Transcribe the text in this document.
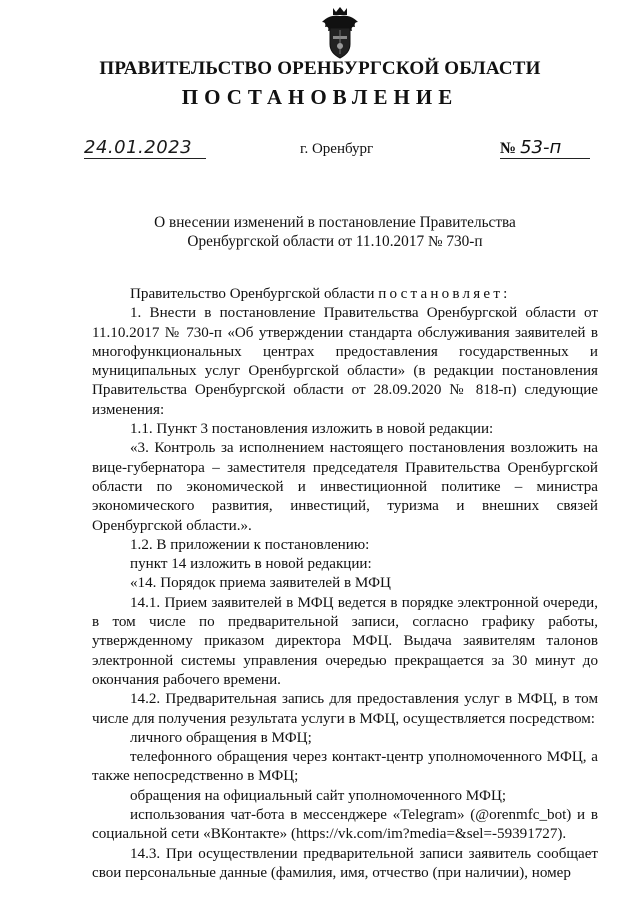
ПРАВИТЕЛЬСТВО ОРЕНБУРГСКОЙ ОБЛАСТИ
ПОСТАНОВЛЕНИЕ
24.01.2023	г. Оренбург	№ 53-п
О внесении изменений в постановление Правительства
Оренбургской области от 11.10.2017 № 730-п

Правительство Оренбургской области постановляет:

1. Внести в постановление Правительства Оренбургской области от 11.10.2017 № 730-п «Об утверждении стандарта обслуживания заявителей в многофункциональных центрах предоставления государственных и муниципальных услуг Оренбургской области» (в редакции постановления Правительства Оренбургской области от 28.09.2020 № 818-п) следующие изменения:

1.1. Пункт 3 постановления изложить в новой редакции:

«3. Контроль за исполнением настоящего постановления возложить на вице-губернатора – заместителя председателя Правительства Оренбургской области по экономической и инвестиционной политике – министра экономического развития, инвестиций, туризма и внешних связей Оренбургской области.».

1.2. В приложении к постановлению:

пункт 14 изложить в новой редакции:

«14. Порядок приема заявителей в МФЦ

14.1. Прием заявителей в МФЦ ведется в порядке электронной очереди, в том числе по предварительной записи, согласно графику работы, утвержденному приказом директора МФЦ. Выдача заявителям талонов электронной системы управления очередью прекращается за 30 минут до окончания рабочего времени.

14.2. Предварительная запись для предоставления услуг в МФЦ, в том числе для получения результата услуги в МФЦ, осуществляется посредством:

личного обращения в МФЦ;

телефонного обращения через контакт-центр уполномоченного МФЦ, а также непосредственно в МФЦ;

обращения на официальный сайт уполномоченного МФЦ;

использования чат-бота в мессенджере «Telegram» (@orenmfc_bot) и в социальной сети «ВКонтакте» (https://vk.com/im?media=&sel=-59391727).

14.3. При осуществлении предварительной записи заявитель сообщает свои персональные данные (фамилия, имя, отчество (при наличии), номер
